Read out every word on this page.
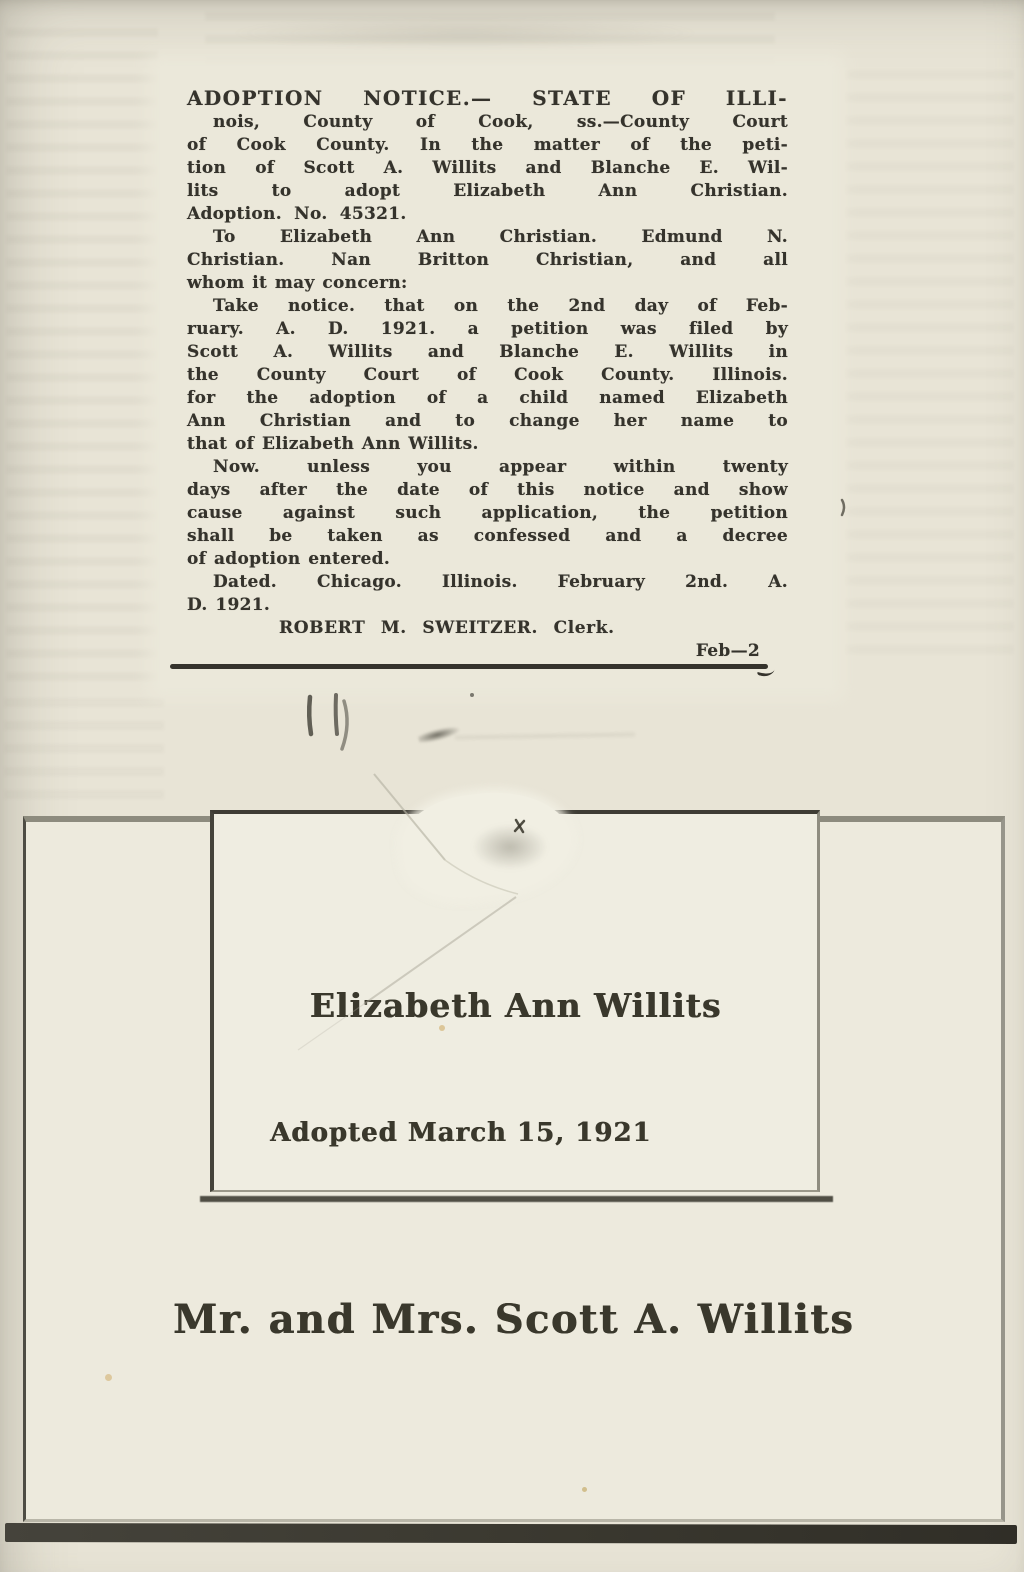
ADOPTION NOTICE.— STATE OF ILLI-
nois, County of Cook, ss.—County Court
of Cook County. In the matter of the peti-
tion of Scott A. Willits and Blanche E. Wil-
lits to adopt Elizabeth Ann Christian.
Adoption. No. 45321.
To Elizabeth Ann Christian. Edmund N.
Christian. Nan Britton Christian, and all
whom it may concern:
Take notice. that on the 2nd day of Feb-
ruary. A. D. 1921. a petition was filed by
Scott A. Willits and Blanche E. Willits in
the County Court of Cook County. Illinois.
for the adoption of a child named Elizabeth
Ann Christian and to change her name to
that of Elizabeth Ann Willits.
Now. unless you appear within twenty
days after the date of this notice and show
cause against such application, the petition
shall be taken as confessed and a decree
of adoption entered.
Dated. Chicago. Illinois. February 2nd. A.
D. 1921.
ROBERT M. SWEITZER. Clerk.
Feb—2
Mr. and Mrs. Scott A. Willits
Elizabeth Ann Willits
Adopted March 15, 1921
